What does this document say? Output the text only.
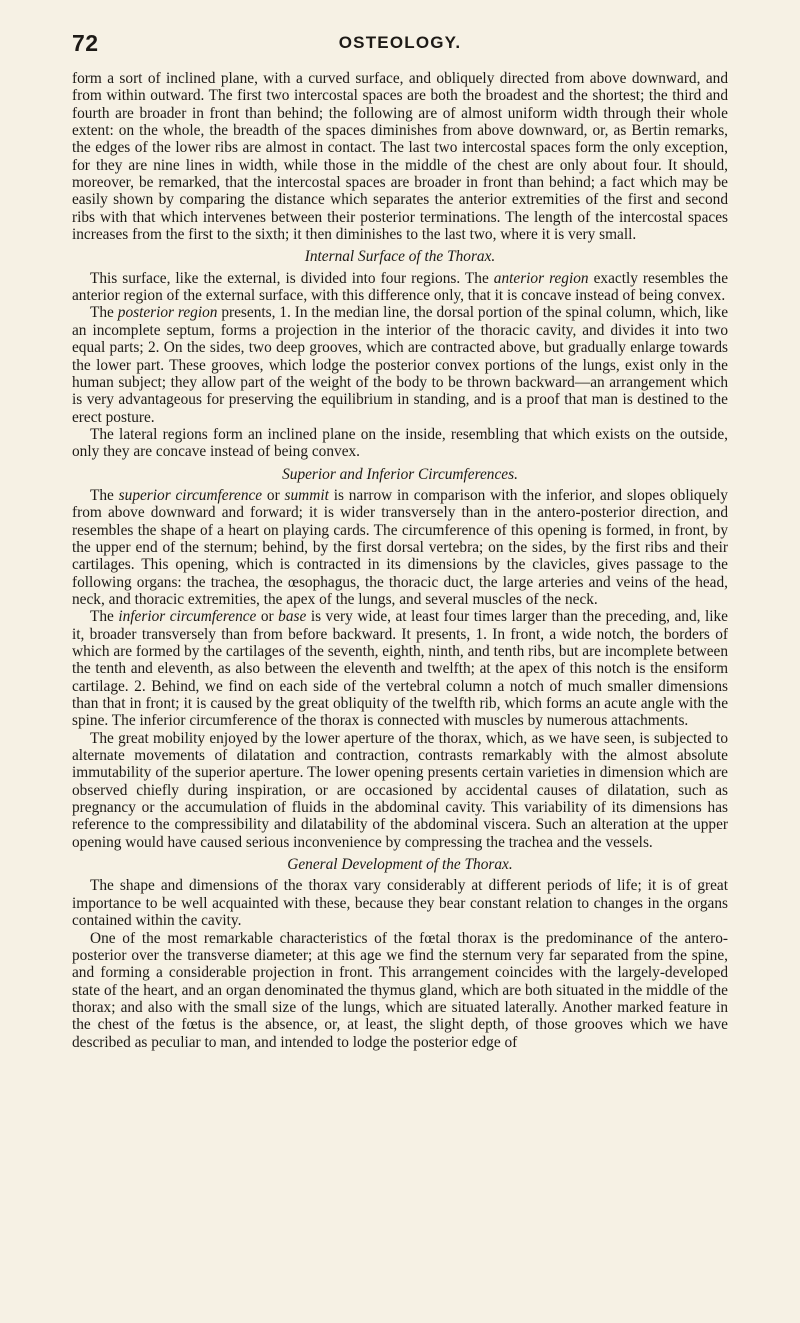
72	OSTEOLOGY.

form a sort of inclined plane, with a curved surface, and obliquely directed from above downward, and from within outward. The first two intercostal spaces are both the broadest and the shortest; the third and fourth are broader in front than behind; the following are of almost uniform width through their whole extent: on the whole, the breadth of the spaces diminishes from above downward, or, as Bertin remarks, the edges of the lower ribs are almost in contact. The last two intercostal spaces form the only exception, for they are nine lines in width, while those in the middle of the chest are only about four. It should, moreover, be remarked, that the intercostal spaces are broader in front than behind; a fact which may be easily shown by comparing the distance which separates the anterior extremities of the first and second ribs with that which intervenes between their posterior terminations. The length of the intercostal spaces increases from the first to the sixth; it then diminishes to the last two, where it is very small.

Internal Surface of the Thorax.

This surface, like the external, is divided into four regions. The anterior region exactly resembles the anterior region of the external surface, with this difference only, that it is concave instead of being convex.

The posterior region presents, 1. In the median line, the dorsal portion of the spinal column, which, like an incomplete septum, forms a projection in the interior of the thoracic cavity, and divides it into two equal parts; 2. On the sides, two deep grooves, which are contracted above, but gradually enlarge towards the lower part. These grooves, which lodge the posterior convex portions of the lungs, exist only in the human subject; they allow part of the weight of the body to be thrown backward—an arrangement which is very advantageous for preserving the equilibrium in standing, and is a proof that man is destined to the erect posture.

The lateral regions form an inclined plane on the inside, resembling that which exists on the outside, only they are concave instead of being convex.

Superior and Inferior Circumferences.

The superior circumference or summit is narrow in comparison with the inferior, and slopes obliquely from above downward and forward; it is wider transversely than in the antero-posterior direction, and resembles the shape of a heart on playing cards. The circumference of this opening is formed, in front, by the upper end of the sternum; behind, by the first dorsal vertebra; on the sides, by the first ribs and their cartilages. This opening, which is contracted in its dimensions by the clavicles, gives passage to the following organs: the trachea, the œsophagus, the thoracic duct, the large arteries and veins of the head, neck, and thoracic extremities, the apex of the lungs, and several muscles of the neck.

The inferior circumference or base is very wide, at least four times larger than the preceding, and, like it, broader transversely than from before backward. It presents, 1. In front, a wide notch, the borders of which are formed by the cartilages of the seventh, eighth, ninth, and tenth ribs, but are incomplete between the tenth and eleventh, as also between the eleventh and twelfth; at the apex of this notch is the ensiform cartilage. 2. Behind, we find on each side of the vertebral column a notch of much smaller dimensions than that in front; it is caused by the great obliquity of the twelfth rib, which forms an acute angle with the spine. The inferior circumference of the thorax is connected with muscles by numerous attachments.

The great mobility enjoyed by the lower aperture of the thorax, which, as we have seen, is subjected to alternate movements of dilatation and contraction, contrasts remarkably with the almost absolute immutability of the superior aperture. The lower opening presents certain varieties in dimension which are observed chiefly during inspiration, or are occasioned by accidental causes of dilatation, such as pregnancy or the accumulation of fluids in the abdominal cavity. This variability of its dimensions has reference to the compressibility and dilatability of the abdominal viscera. Such an alteration at the upper opening would have caused serious inconvenience by compressing the trachea and the vessels.

General Development of the Thorax.

The shape and dimensions of the thorax vary considerably at different periods of life; it is of great importance to be well acquainted with these, because they bear constant relation to changes in the organs contained within the cavity.

One of the most remarkable characteristics of the fœtal thorax is the predominance of the antero-posterior over the transverse diameter; at this age we find the sternum very far separated from the spine, and forming a considerable projection in front. This arrangement coincides with the largely-developed state of the heart, and an organ denominated the thymus gland, which are both situated in the middle of the thorax; and also with the small size of the lungs, which are situated laterally. Another marked feature in the chest of the fœtus is the absence, or, at least, the slight depth, of those grooves which we have described as peculiar to man, and intended to lodge the posterior edge of
